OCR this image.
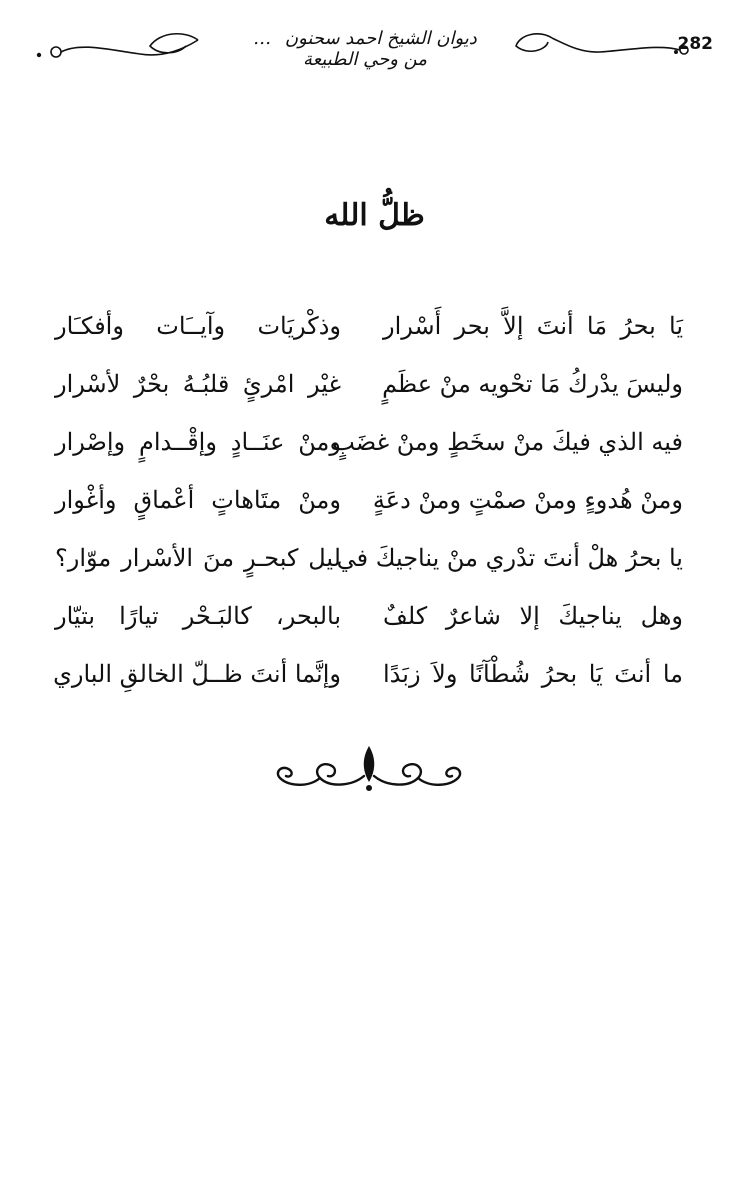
282
ديوان الشيخ احمد سحنون … من وحي الطبيعة
ظلُّ الله
يَا بحرُ مَا أنتَ إلاَّ بحر أَسْرار
وذكْريَات وآيــَات وأفكـَار
وليسَ يدْركُ مَا تحْويه منْ عظَمٍ
غيْر امْرئٍ قلبُـهُ بحْرٌ لأسْرار
فيه الذي فيكَ منْ سخَطٍ ومنْ غضَبٍ
ومنْ عنَــادٍ وإقْــدامٍ وإصْرار
ومنْ هُدوءٍ ومنْ صمْتٍ ومنْ دعَةٍ
ومنْ متَاهاتٍ أعْماقٍ وأغْوار
يا بحرُ هلْ أنتَ تدْري منْ يناجيكَ في
ليل كبحـرٍ منَ الأسْرار موّار؟
وهل يناجيكَ إلا شاعرٌ كلفٌ
بالبحر، كالبَـحْر تيارًا بتيّار
ما أنتَ يَا بحرُ شُطْآنًا ولاَ زبَدًا
وإنَّما أنتَ ظــلّ الخالقِ الباري
